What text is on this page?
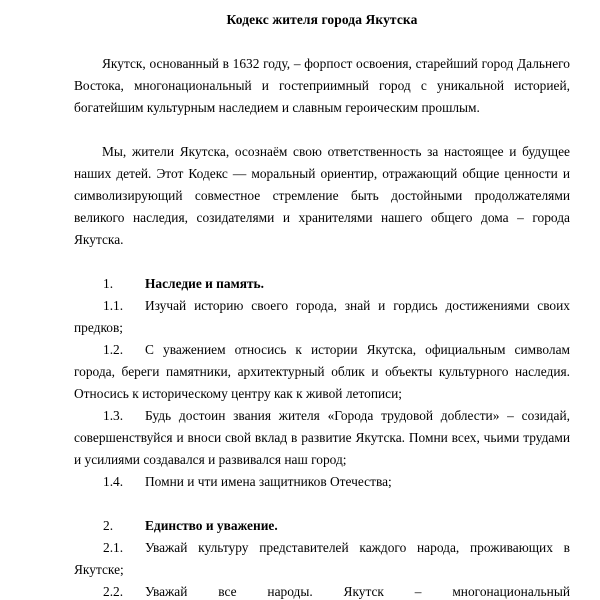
Кодекс жителя города Якутска

Якутск, основанный в 1632 году, – форпост освоения, старейший город Дальнего Востока, многонациональный и гостеприимный город с уникальной историей, богатейшим культурным наследием и славным героическим прошлым.

Мы, жители Якутска, осознаём свою ответственность за настоящее и будущее наших детей. Этот Кодекс — моральный ориентир, отражающий общие ценности и символизирующий совместное стремление быть достойными продолжателями великого наследия, созидателями и хранителями нашего общего дома – города Якутска.

1. Наследие и память.

1.1. Изучай историю своего города, знай и гордись достижениями своих предков;

1.2. С уважением относись к истории Якутска, официальным символам города, береги памятники, архитектурный облик и объекты культурного наследия. Относись к историческому центру как к живой летописи;

1.3. Будь достоин звания жителя «Города трудовой доблести» – созидай, совершенствуйся и вноси свой вклад в развитие Якутска. Помни всех, чьими трудами и усилиями создавался и развивался наш город;

1.4. Помни и чти имена защитников Отечества;

2. Единство и уважение.

2.1. Уважай культуру представителей каждого народа, проживающих в Якутске;

2.2. Уважай все народы. Якутск – многонациональный
